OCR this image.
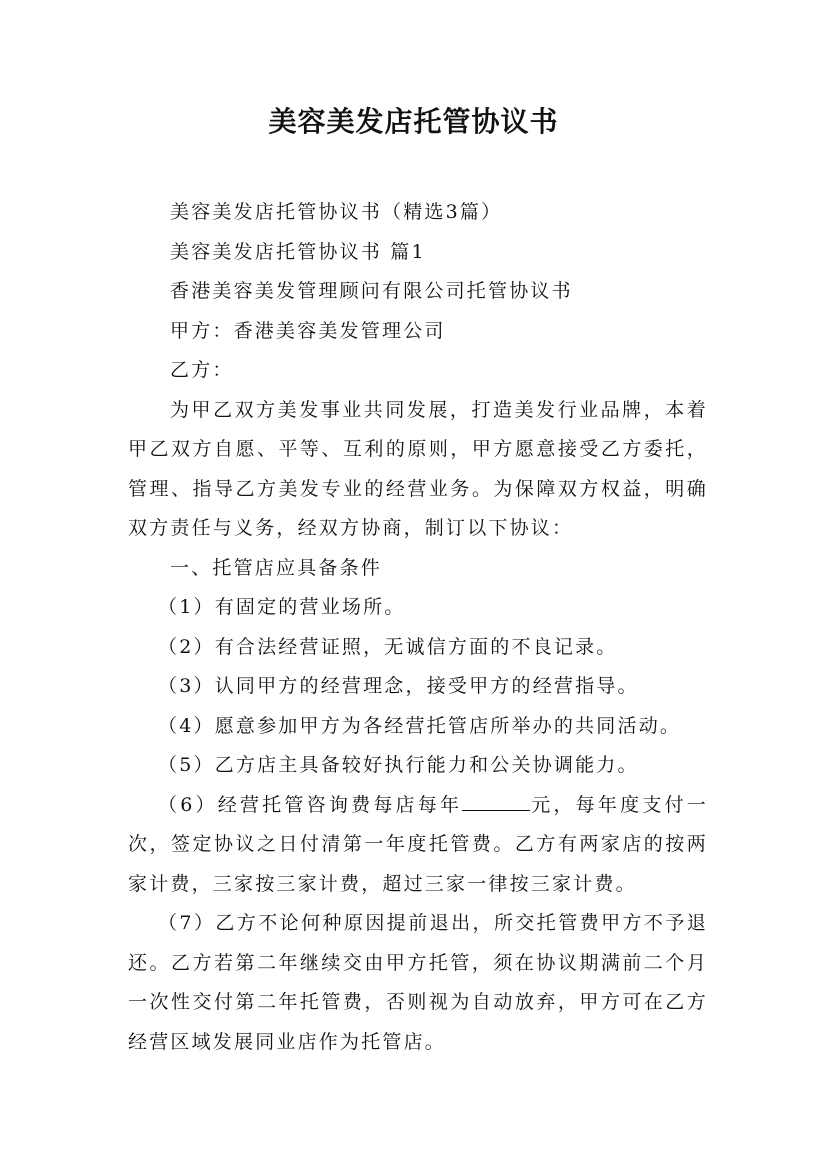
美容美发店托管协议书

美容美发店托管协议书（精选3篇）

美容美发店托管协议书 篇1

香港美容美发管理顾问有限公司托管协议书

甲方：香港美容美发管理公司

乙方：

为甲乙双方美发事业共同发展，打造美发行业品牌，本着甲乙双方自愿、平等、互利的原则，甲方愿意接受乙方委托，管理、指导乙方美发专业的经营业务。为保障双方权益，明确双方责任与义务，经双方协商，制订以下协议：

一、托管店应具备条件

（1）有固定的营业场所。

（2）有合法经营证照，无诚信方面的不良记录。

（3）认同甲方的经营理念，接受甲方的经营指导。

（4）愿意参加甲方为各经营托管店所举办的共同活动。

（5）乙方店主具备较好执行能力和公关协调能力。

（6）经营托管咨询费每店每年	元，每年度支付一次，签定协议之日付清第一年度托管费。乙方有两家店的按两家计费，三家按三家计费，超过三家一律按三家计费。

（7）乙方不论何种原因提前退出，所交托管费甲方不予退还。乙方若第二年继续交由甲方托管，须在协议期满前二个月一次性交付第二年托管费，否则视为自动放弃，甲方可在乙方经营区域发展同业店作为托管店。
